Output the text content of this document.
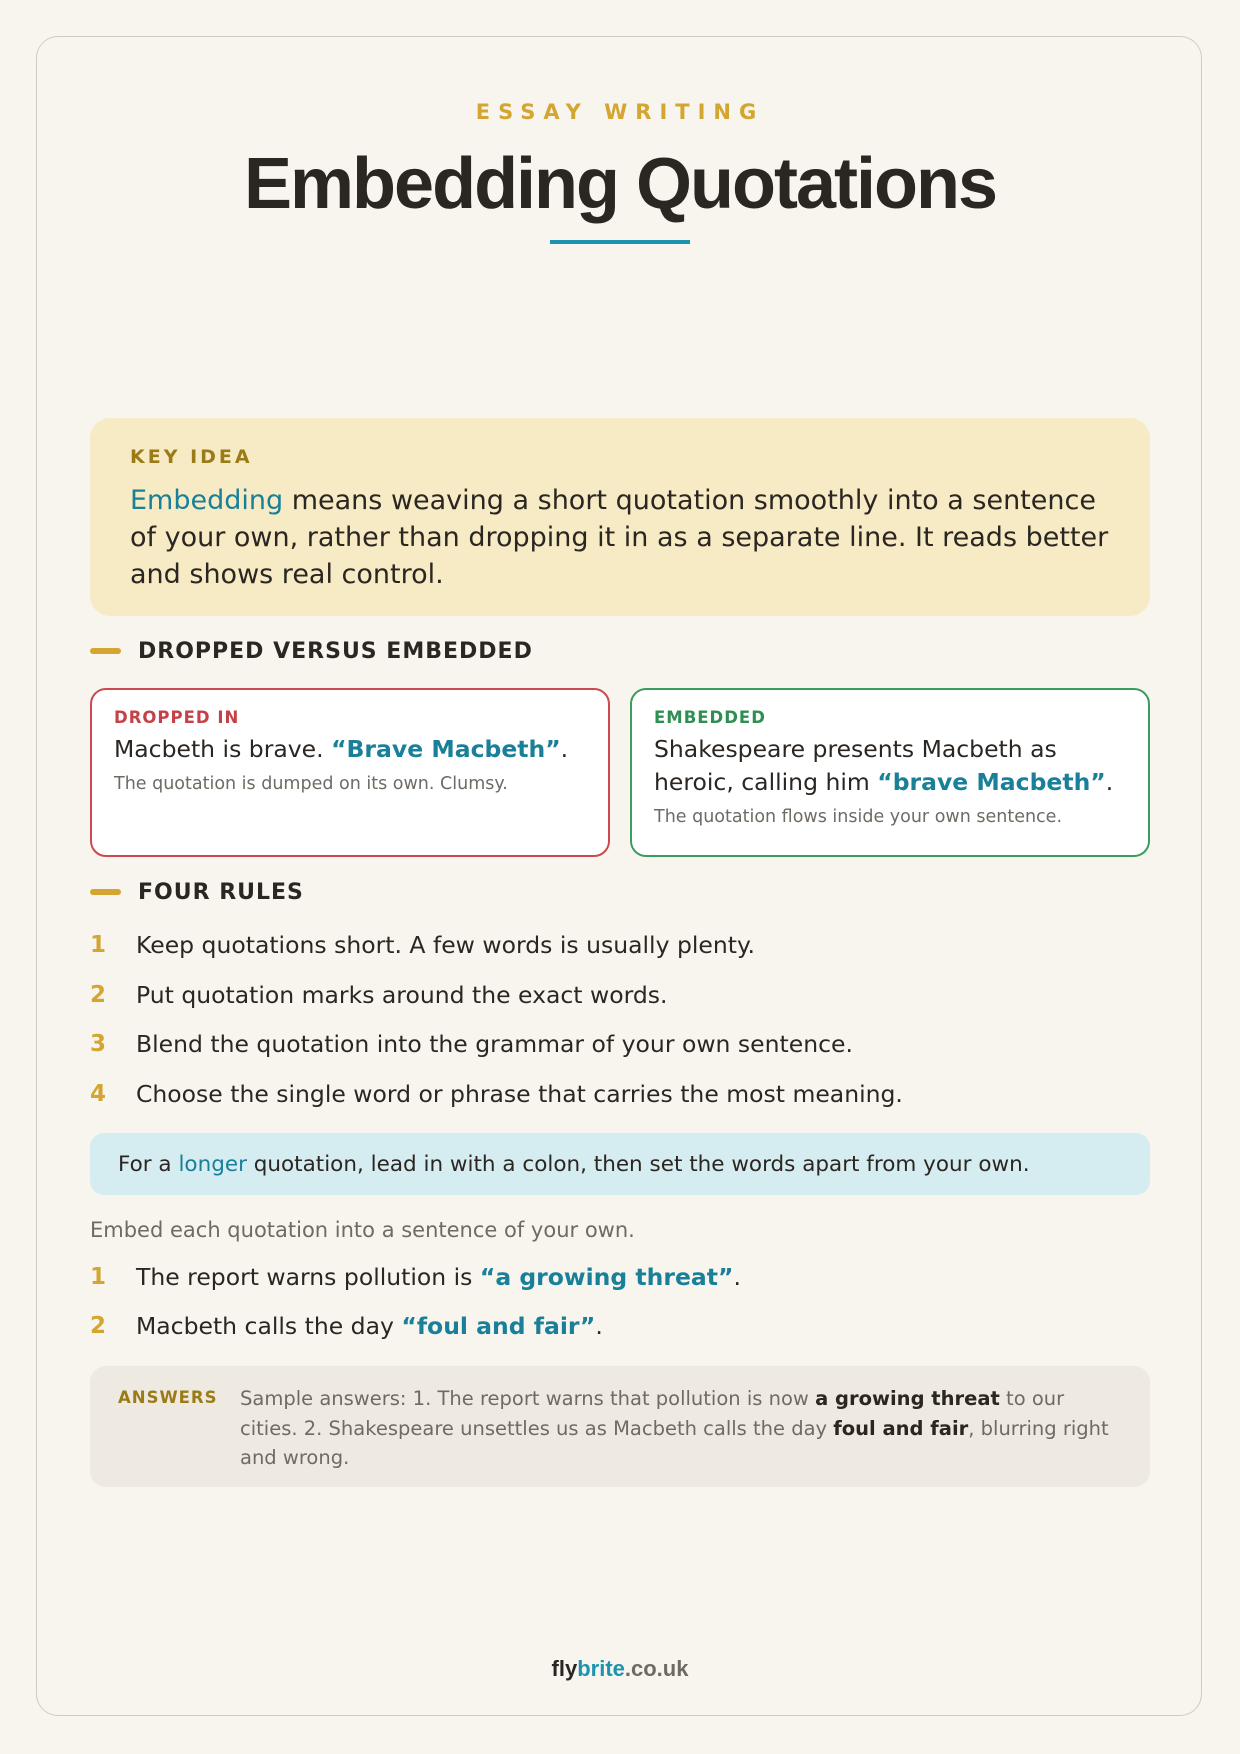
ESSAY WRITING
Embedding Quotations

KEY IDEA

Embedding means weaving a short quotation smoothly into a sentence of your own, rather than dropping it in as a separate line. It reads better and shows real control.

DROPPED VERSUS EMBEDDED

DROPPED IN

Macbeth is brave. “Brave Macbeth”.

The quotation is dumped on its own. Clumsy.

EMBEDDED

Shakespeare presents Macbeth as heroic, calling him “brave Macbeth”.

The quotation flows inside your own sentence.

FOUR RULES
1	Keep quotations short. A few words is usually plenty.
2	Put quotation marks around the exact words.
3	Blend the quotation into the grammar of your own sentence.
4	Choose the single word or phrase that carries the most meaning.
For a longer quotation, lead in with a colon, then set the words apart from your own.
Embed each quotation into a sentence of your own.
1	The report warns pollution is “a growing threat”.
2	Macbeth calls the day “foul and fair”.
ANSWERS	Sample answers: 1. The report warns that pollution is now a growing threat to our cities. 2. Shakespeare unsettles us as Macbeth calls the day foul and fair, blurring right and wrong.
flybrite.co.uk
